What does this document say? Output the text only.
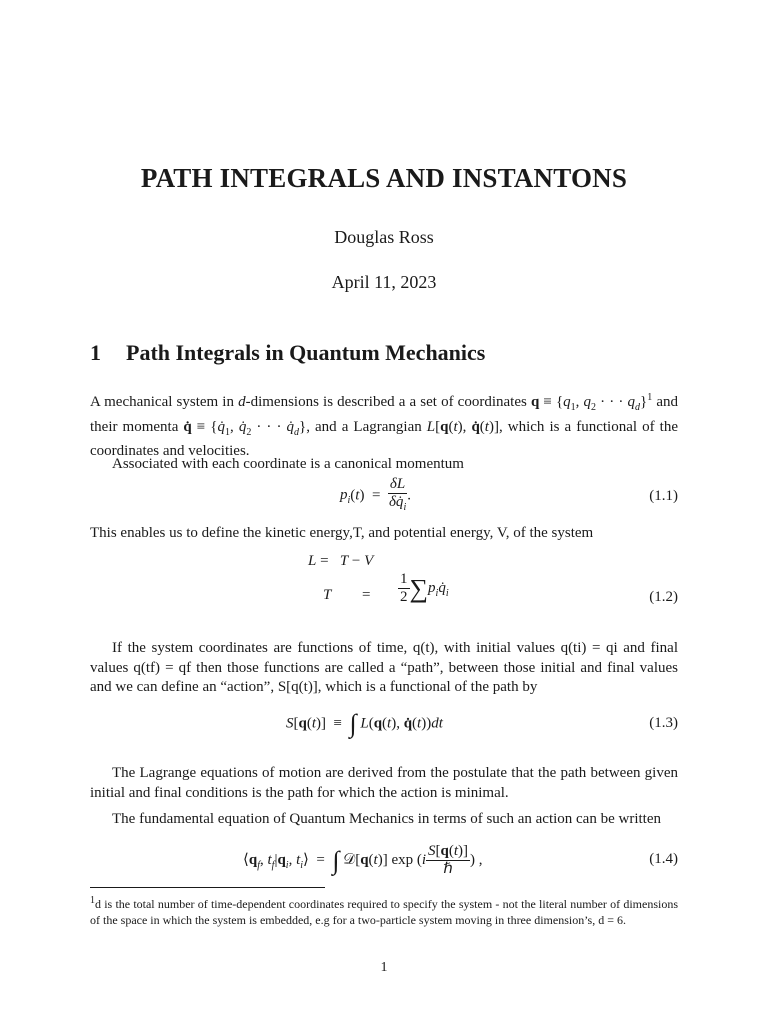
PATH INTEGRALS AND INSTANTONS
Douglas Ross
April 11, 2023
1 Path Integrals in Quantum Mechanics
A mechanical system in d-dimensions is described a a set of coordinates $q \equiv \{q_1$, $q_2$ · · · $q_d\}^1$ and their momenta q̇ ≡ {$q̇_1$, $q̇_2$ · · · $q̇_d$}, and a Lagrangian L[q(t), q̇(t)], which is a functional of the coordinates and velocities.
Associated with each coordinate is a canonical momentum
$p_i(t) = \frac{\delta L}{\delta q̇_i}$ .	(1.1)
This enables us to define the kinetic energy,T, and potential energy, V, of the system
L =   T − V
$T = \frac{1}{2}$ $\sum p_iq̇_i$	(1.2)
If the system coordinates are functions of time, q(t), with initial values q(ti) = qi and final values q(tf) = qf then those functions are called a “path”, between those initial and final values and we can define an “action”, S[q(t)], which is a functional of the path by
S[q(t)]  ≡  ∫ L(q(t), q̇(t))dt	(1.3)
The Lagrange equations of motion are derived from the postulate that the path between given initial and final conditions is the path for which the action is minimal.
The fundamental equation of Quantum Mechanics in terms of such an action can be written
$⟨q_f$, $t_f|q_i$, $t_i⟩$  =  ∫ 𝒟[q(t)] $\exp (i \frac{S[q(t)]}{\text{ℏ}}$ ) ,	(1.4)
$^1$d is the total number of time-dependent coordinates required to specify the system - not the literal number of dimensions of the space in which the system is embedded, e.g for a two-particle system moving in three dimension’s, d = 6.
1
